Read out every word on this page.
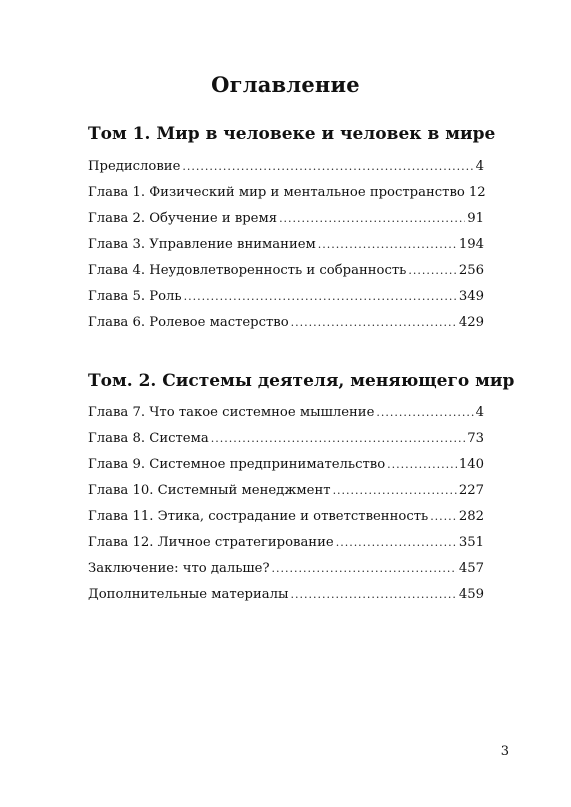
Оглавление
Том 1. Мир в человеке и человек в мире
Предисловие .....	4
Глава 1. Физический мир и ментальное пространство 12
Глава 2. Обучение и время .....	91
Глава 3. Управление вниманием .....	194
Глава 4. Неудовлетворенность и собранность .....	256
Глава 5. Роль .....	349
Глава 6. Ролевое мастерство .....	429
Том. 2. Системы деятеля, меняющего мир
Глава 7. Что такое системное мышление .....	4
Глава 8. Система .....	73
Глава 9. Системное предпринимательство .....	140
Глава 10. Системный менеджмент .....	227
Глава 11. Этика, сострадание и ответственность ..... 282
Глава 12. Личное стратегирование .....	351
Заключение: что дальше? .....	457
Дополнительные материалы .....	459
3
